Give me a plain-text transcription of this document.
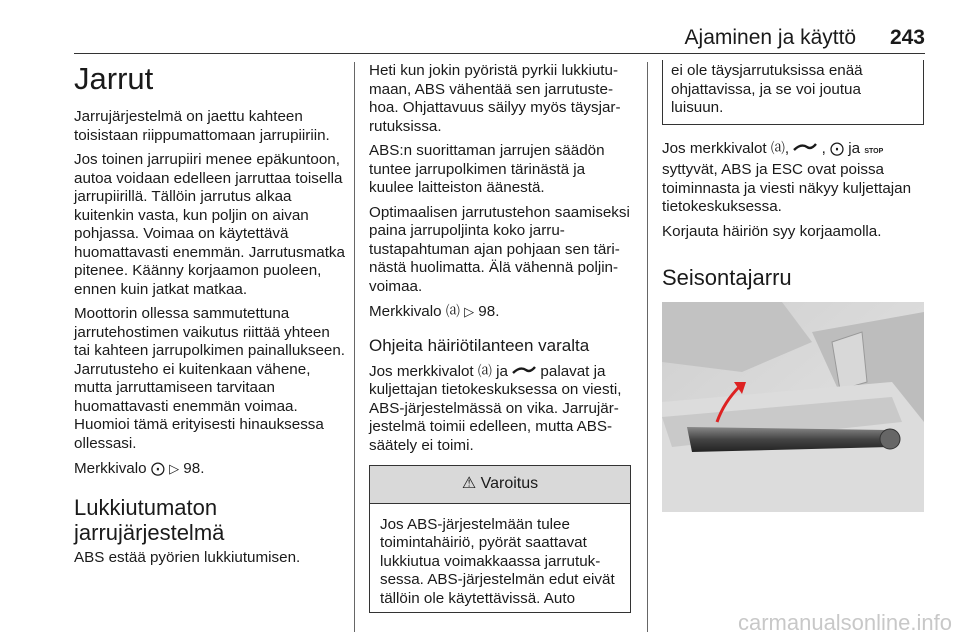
Ajaminen ja käyttö 243
Jarrut

Jarrujärjestelmä on jaettu kahteen toisistaan riippumattomaan jarrupiiriin.

Jos toinen jarrupiiri menee epäkuntoon, autoa voidaan edelleen jarruttaa toisella jarrupiirillä. Tällöin jarrutus alkaa kuitenkin vasta, kun poljin on aivan pohjassa. Voimaa on käytettävä huomattavasti enemmän. Jarrutusmatka pitenee. Käänny korjaamon puoleen, ennen kuin jatkat matkaa.

Moottorin ollessa sammutettuna jarrutehostimen vaikutus riittää yhteen tai kahteen jarrupolkimen painallukseen. Jarrutusteho ei kuitenkaan vähene, mutta jarruttamiseen tarvitaan huomattavasti enemmän voimaa. Huomioi tämä erityisesti hinauksessa ollessasi.

Merkkivalo ⨀ ▷ 98.

Lukkiutumaton jarrujärjestelmä

ABS estää pyörien lukkiutumisen.

Heti kun jokin pyöristä pyrkii lukkiutumaan, ABS vähentää sen jarrutustehoa. Ohjattavuus säilyy myös täysjarrutuksissa.

ABS:n suorittaman jarrujen säädön tuntee jarrupolkimen tärinästä ja kuulee laitteiston äänestä.

Optimaalisen jarrutustehon saamiseksi paina jarrupoljinta koko jarrutustapahtuman ajan pohjaan sen tärinästä huolimatta. Älä vähennä poljinvoimaa.

Merkkivalo ⒜ ▷ 98.

Ohjeita häiriötilanteen varalta

Jos merkkivalot ⒜ ja palavat ja kuljettajan tietokeskuksessa on viesti, ABS-järjestelmässä on vika. Jarrujärjestelmä toimii edelleen, mutta ABS-säätely ei toimi.

⚠ Varoitus
Jos ABS-järjestelmään tulee toimintahäiriö, pyörät saattavat lukkiutua voimakkaassa jarrutuksessa. ABS-järjestelmän edut eivät tällöin ole käytettävissä. Auto
ei ole täysjarrutuksissa enää ohjattavissa, ja se voi joutua luisuun.

Jos merkkivalot ⒜,  , ⨀ ja STOP syttyvät, ABS ja ESC ovat poissa toiminnasta ja viesti näkyy kuljettajan tietokeskuksessa.

Korjauta häiriön syy korjaamolla.

Seisontajarru
carmanualsonline.info
